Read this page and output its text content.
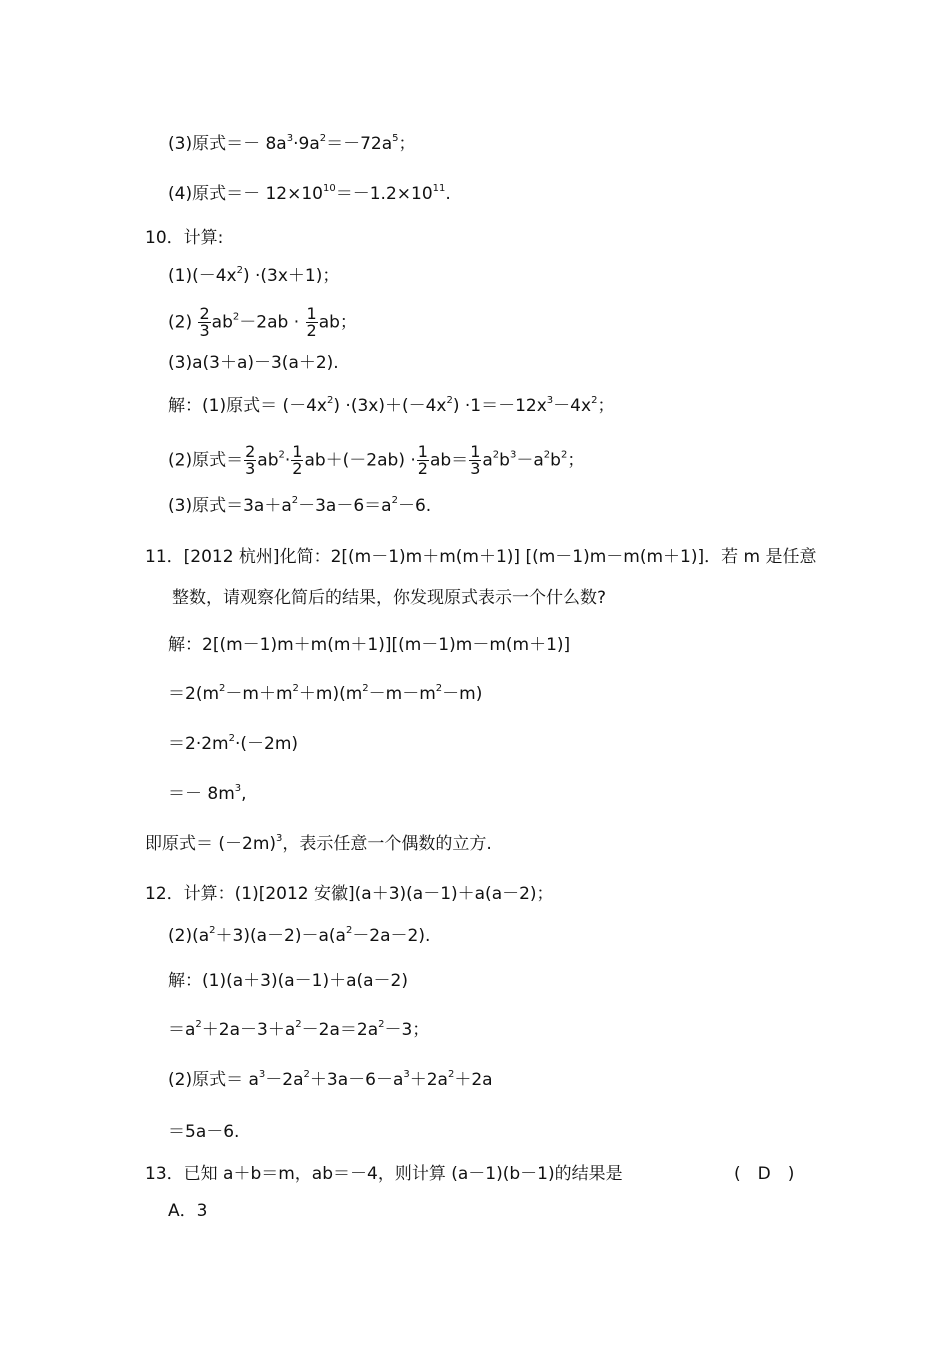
(3)原式＝－ $8a^3\cdot 9a^2=-72a^5$；
(4)原式＝－ $12\times 10^{10}=-1.2\times 10^{11}$.
10．计算:
$(1)(-4x^2) \cdot(3x+1)$；
$(2) \frac{2}{3} ab^2-2ab \cdot \frac{1}{2}$ ab；
(3)a(3＋a)－3(a＋2).
解：(1)原式＝ $(-4x^2) \cdot(3x)+(-4x^2) \cdot 1=-12x^3-4x^2$；
(2)原式＝ $\frac{2}{3} ab^2\cdot \frac{1}{2} ab+(-2ab) \cdot \frac{1}{2} ab= \frac{1}{3} a^2b^3-a^2b^2$；
(3)原式$=3a+a^2-3a-6=a^2-6$.
11．[2012 杭州]化简：2[(m－1)m＋m(m＋1)] [(m－1)m－m(m＋1)]．若 m 是任意
整数，请观察化简后的结果，你发现原式表示一个什么数?
解：2[(m－1)m＋m(m＋1)][(m－1)m－m(m＋1)]
$=2(m^2-m+m^2+m)(m^2-m-m^2-m)$
$=2\cdot 2m^2\cdot(-2m)$
＝－ $8m^3$,
即原式＝ $(-2m)^3$，表示任意一个偶数的立方.
12．计算：(1)[2012 安徽](a＋3)(a－1)＋a(a－2)；
$(2)(a^2+3)(a-2)-a(a^2-2a-2)$.
解：(1)(a＋3)(a－1)＋a(a－2)
$=a^2+2a-3+a^2-2a=2a^2-3$；
(2)原式＝ $a^3-2a^2+3a-6-a^3+2a^2+2a$
＝5a－6.
13．已知 a＋b＝m，ab＝－4，则计算 (a－1)(b－1)的结果是	(　D　)
A．3
